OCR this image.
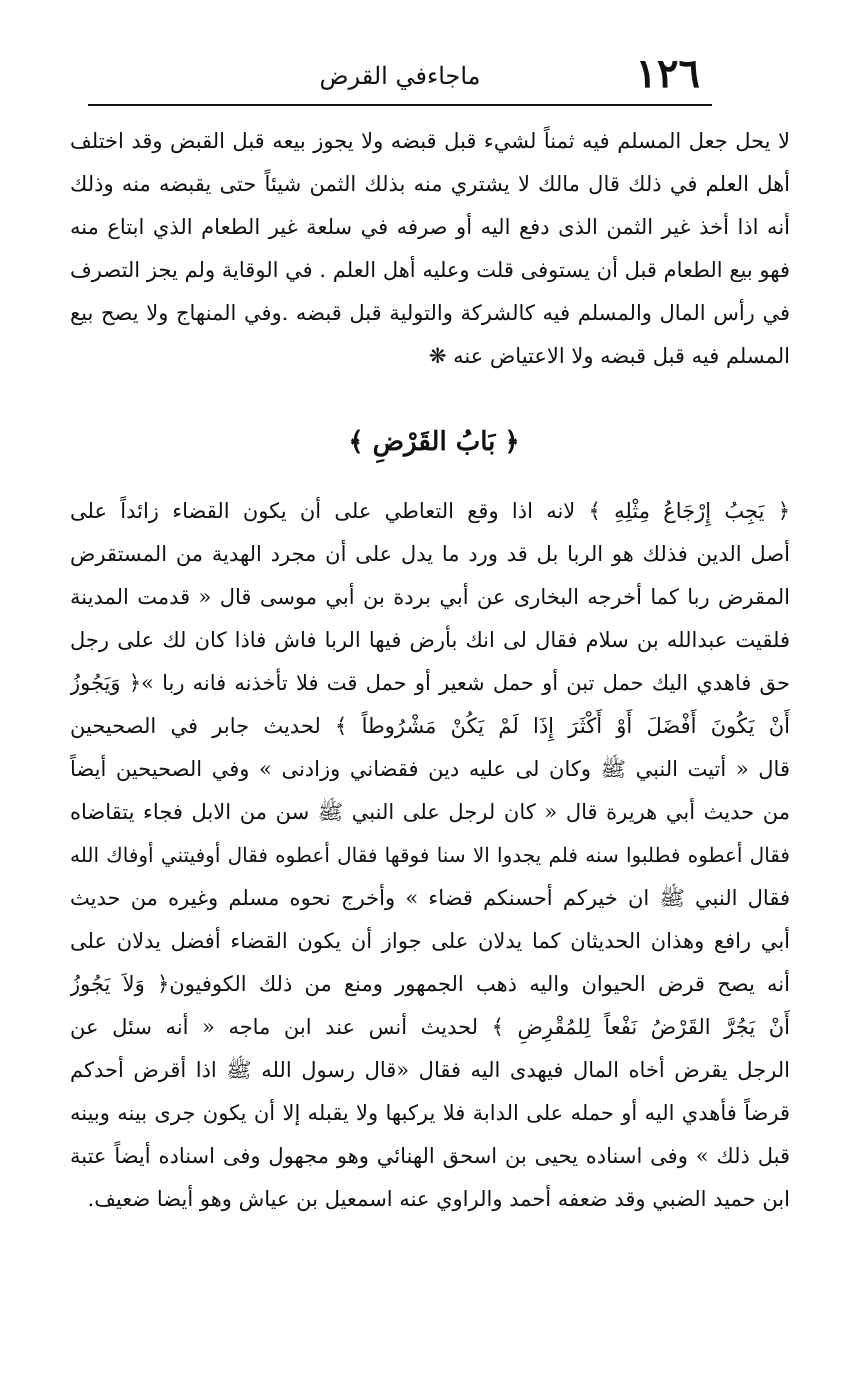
١٢٦
ماجاءفي القرض
لا يحل جعل المسلم فيه ثمناً لشيء قبل قبضه ولا يجوز بيعه قبل القبض وقد اختلف
أهل العلم في ذلك قال مالك لا يشتري منه بذلك الثمن شيئاً حتى يقبضه منه وذلك
أنه اذا أخذ غير الثمن الذى دفع اليه أو صرفه في سلعة غير الطعام الذي ابتاع منه
فهو بيع الطعام قبل أن يستوفى قلت وعليه أهل العلم . في الوقاية ولم يجز التصرف
في رأس المال والمسلم فيه كالشركة والتولية قبل قبضه .وفي المنهاج ولا يصح بيع
المسلم فيه قبل قبضه ولا الاعتياض عنه ❋
﴿ بَابُ القَرْضِ ﴾
﴿ يَجِبُ إِرْجَاعُ مِثْلِهِ ﴾ لانه اذا وقع التعاطي على أن يكون القضاء زائداً على
أصل الدين فذلك هو الربا بل قد ورد ما يدل على أن مجرد الهدية من المستقرض
المقرض ربا كما أخرجه البخارى عن أبي بردة بن أبي موسى قال « قدمت المدينة
فلقيت عبدالله بن سلام فقال لى انك بأرض فيها الربا فاش فاذا كان لك على رجل
حق فاهدي اليك حمل تبن أو حمل شعير أو حمل قت فلا تأخذنه فانه ربا »﴿ وَيَجُوزُ
أَنْ يَكُونَ أَفْضَلَ أَوْ أَكْثَرَ إِذَا لَمْ يَكُنْ مَشْرُوطاً ﴾ لحديث جابر في الصحيحين
قال « أتيت النبي ﷺ وكان لى عليه دين فقضاني وزادنى » وفي الصحيحين أيضاً
من حديث أبي هريرة قال « كان لرجل على النبي ﷺ سن من الابل فجاء يتقاضاه
فقال أعطوه فطلبوا سنه فلم يجدوا الا سنا فوقها فقال أعطوه فقال أوفيتني أوفاك الله
فقال النبي ﷺ ان خيركم أحسنكم قضاء » وأخرج نحوه مسلم وغيره من حديث
أبي رافع وهذان الحديثان كما يدلان على جواز أن يكون القضاء أفضل يدلان على
أنه يصح قرض الحيوان واليه ذهب الجمهور ومنع من ذلك الكوفيون﴿ وَلاَ يَجُوزُ
أَنْ يَجُرَّ القَرْضُ نَفْعاً لِلمُقْرِضِ ﴾ لحديث أنس عند ابن ماجه « أنه سئل عن
الرجل يقرض أخاه المال فيهدى اليه فقال «قال رسول الله ﷺ اذا أقرض أحدكم
قرضاً فأهدي اليه أو حمله على الدابة فلا يركبها ولا يقبله إلا أن يكون جرى بينه وبينه
قبل ذلك » وفى اسناده يحيى بن اسحق الهنائي وهو مجهول وفى اسناده أيضاً عتبة
ابن حميد الضبي وقد ضعفه أحمد والراوي عنه اسمعيل بن عياش وهو أيضا ضعيف.
